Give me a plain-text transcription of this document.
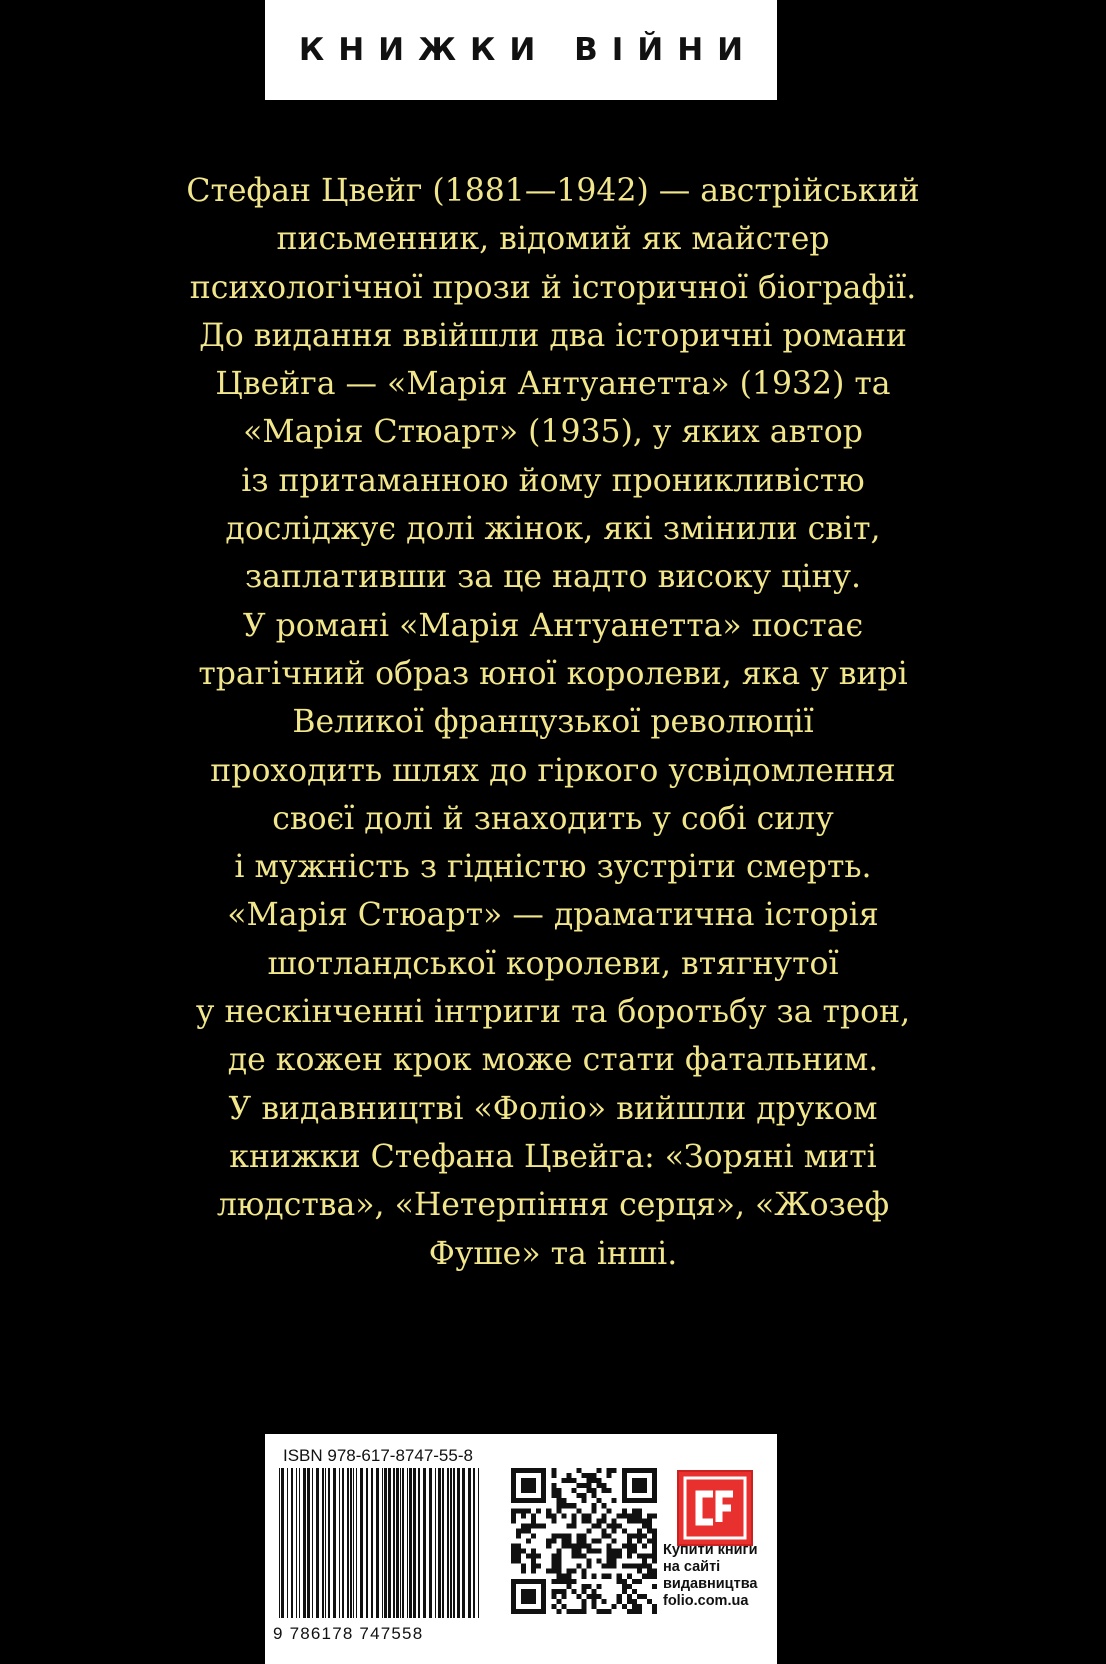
КНИЖКИ ВІЙНИ
Стефан Цвейг (1881—1942) — австрійський
письменник, відомий як майстер
психологічної прози й історичної біографії.
До видання ввійшли два історичні романи
Цвейга — «Марія Антуанетта» (1932) та
«Марія Стюарт» (1935), у яких автор
із притаманною йому проникливістю
досліджує долі жінок, які змінили світ,
заплативши за це надто високу ціну.
У романі «Марія Антуанетта» постає
трагічний образ юної королеви, яка у вирі
Великої французької революції
проходить шлях до гіркого усвідомлення
своєї долі й знаходить у собі силу
і мужність з гідністю зустріти смерть.
«Марія Стюарт» — драматична історія
шотландської королеви, втягнутої
у нескінченні інтриги та боротьбу за трон,
де кожен крок може стати фатальним.
У видавництві «Фоліо» вийшли друком
книжки Стефана Цвейга: «Зоряні миті
людства», «Нетерпіння серця», «Жозеф
Фуше» та інші.
ISBN 978-617-8747-55-8
9 786178 747558
Купити книги
на сайті
видавництва
folio.com.ua
